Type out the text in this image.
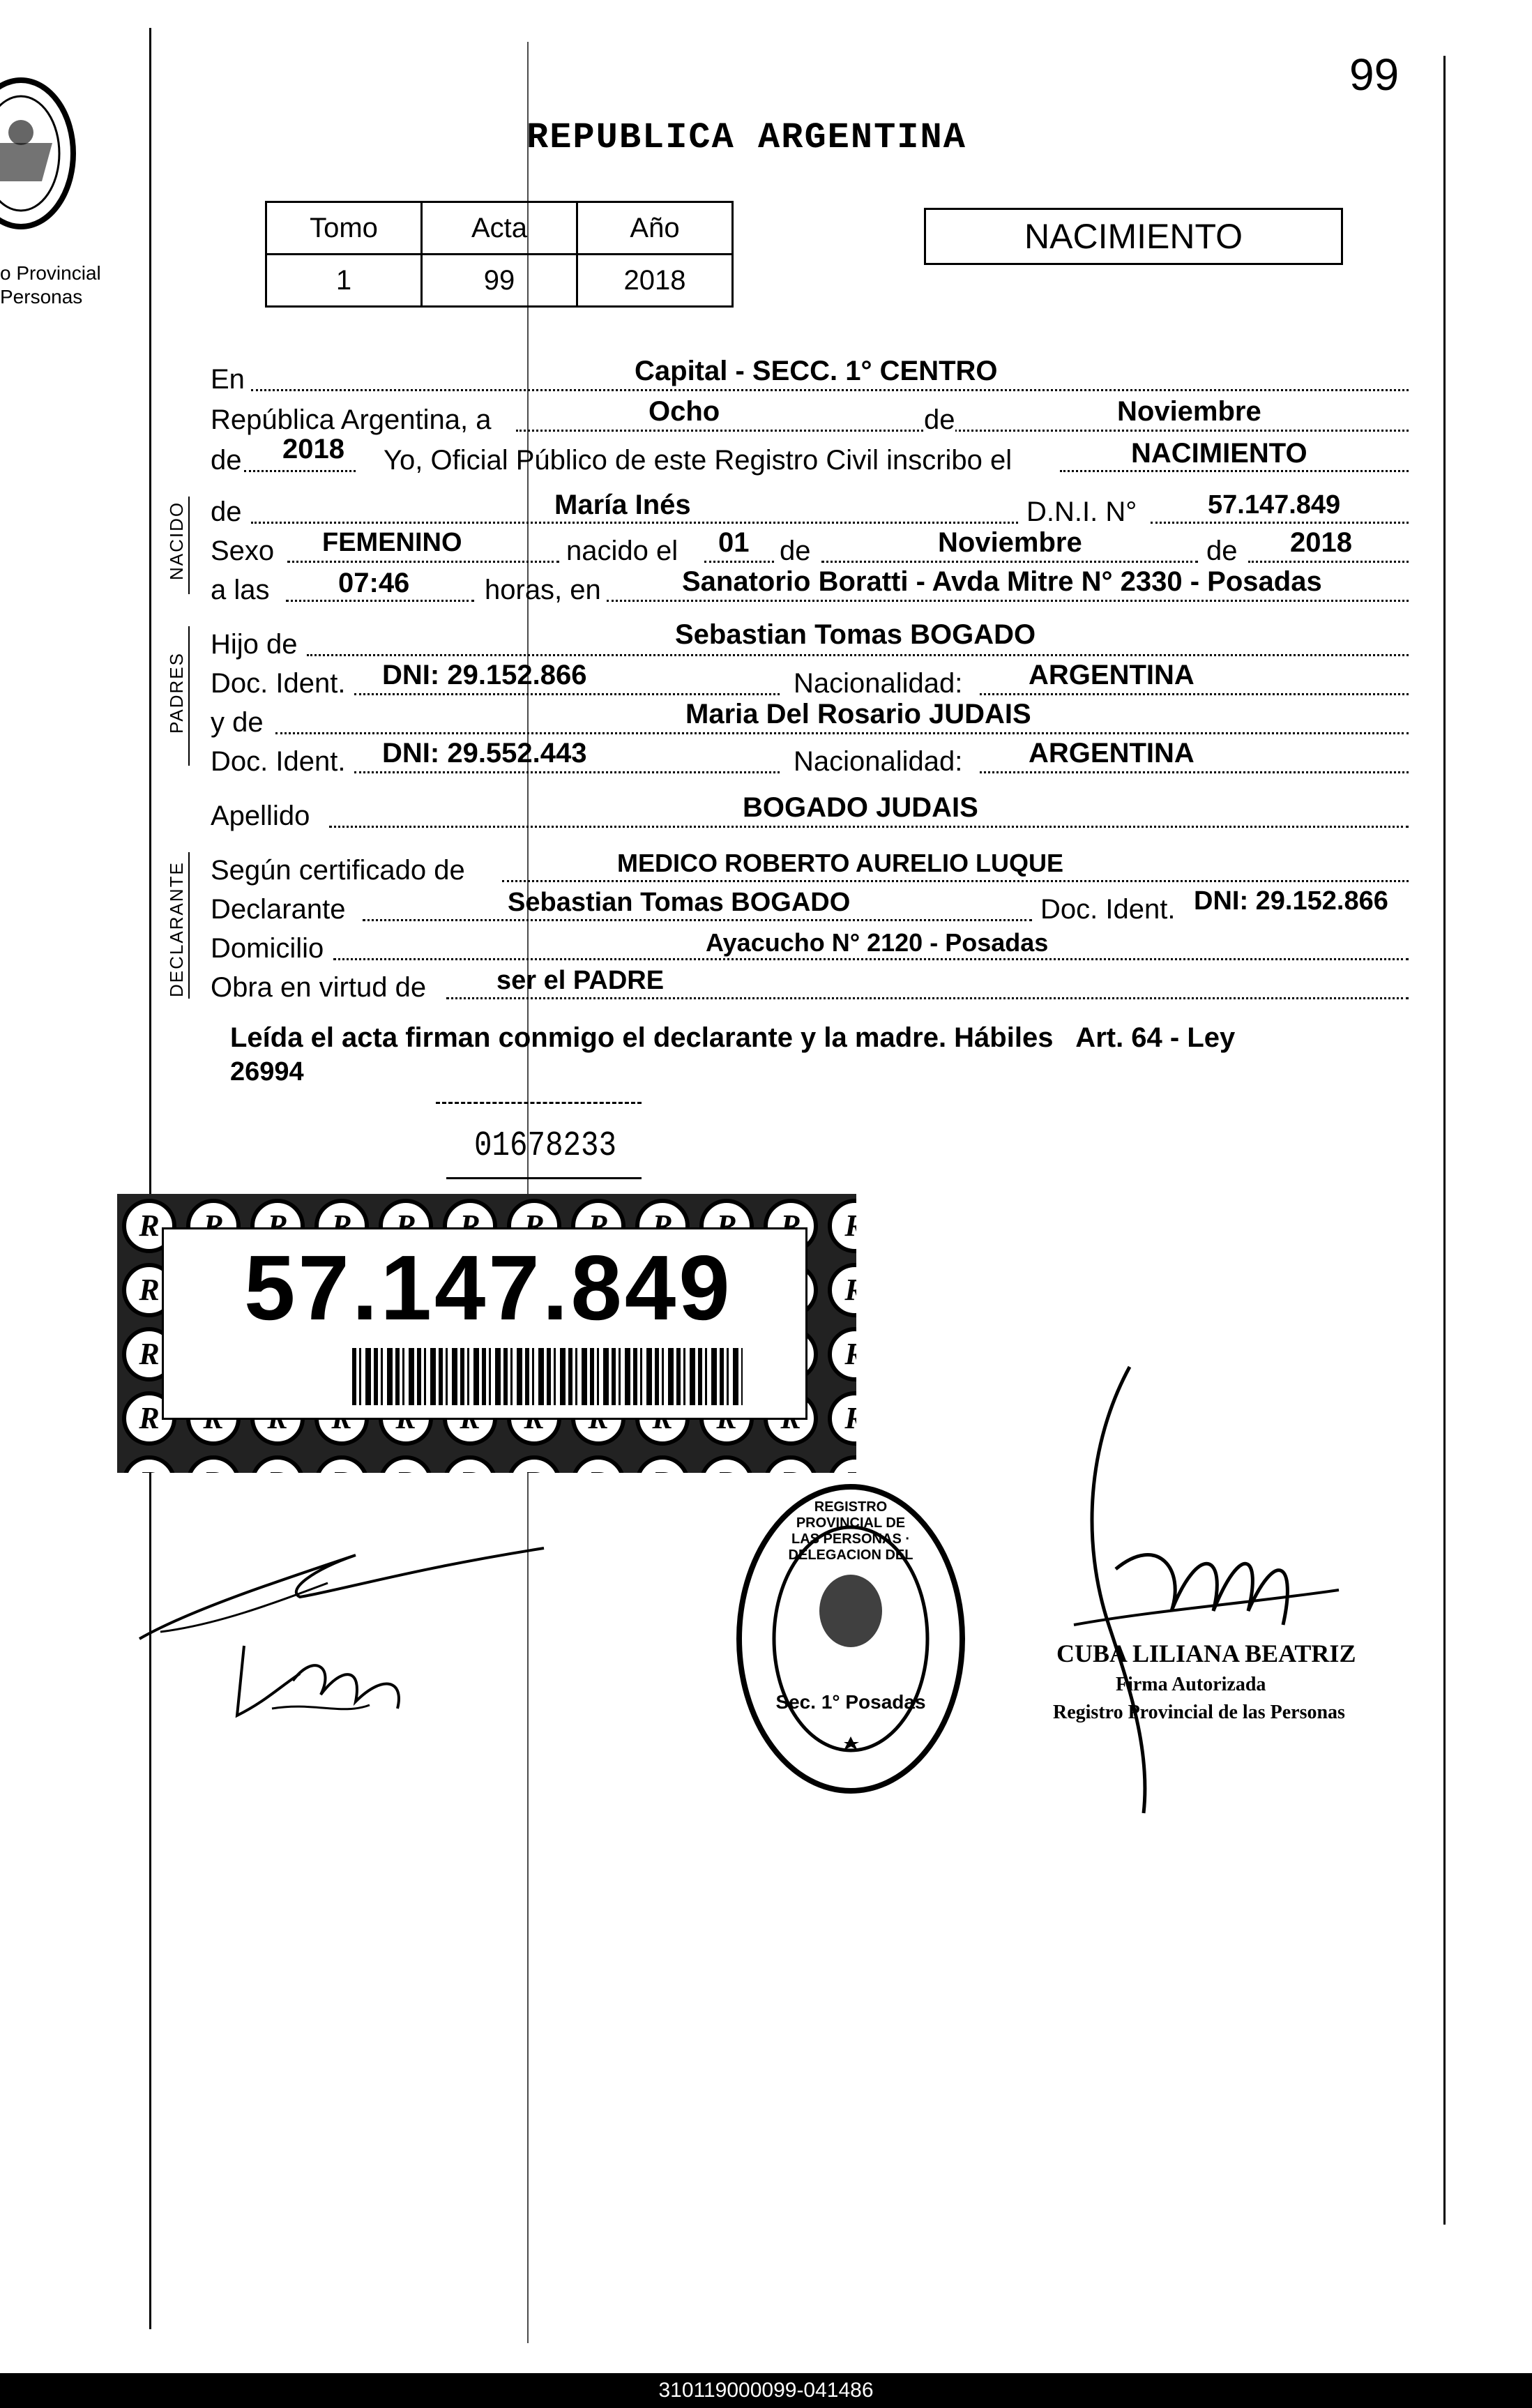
o Provincial
Personas
99
REPUBLICA ARGENTINA
Tomo	Acta	Año
1	99	2018
NACIMIENTO
En	Capital - SECC. 1° CENTRO
República Argentina, a	Ocho	de	Noviembre
de 2018 Yo, Oficial Público de este Registro Civil inscribo el	NACIMIENTO
NACIDO de	María Inés	D.N.I. N°	57.147.849
Sexo FEMENINO	nacido el 01 de	Noviembre	de 2018
a las 07:46	horas, en	Sanatorio Boratti - Avda Mitre N° 2330 - Posadas
PADRES
Hijo de	Sebastian Tomas BOGADO
Doc. Ident. DNI: 29.152.866	Nacionalidad: ARGENTINA
y de	Maria Del Rosario JUDAIS
Doc. Ident. DNI: 29.552.443	Nacionalidad: ARGENTINA
Apellido	BOGADO JUDAIS
DECLARANTE Según certificado de	MEDICO ROBERTO AURELIO LUQUE
Declarante	Sebastian Tomas BOGADO	Doc. Ident. DNI: 29.152.866
Domicilio	Ayacucho N° 2120 - Posadas
Obra en virtud de	ser el PADRE
Leída el acta firman conmigo el declarante y la madre. Hábiles   Art. 64 - Ley
26994
01678233
57.147.849
Sec. 1° Posadas
REGISTRO PROVINCIAL DE LAS PERSONAS · DELEGACION DEL
CUBA LILIANA BEATRIZ
Firma Autorizada
Registro Provincial de las Personas
310119000099-041486
